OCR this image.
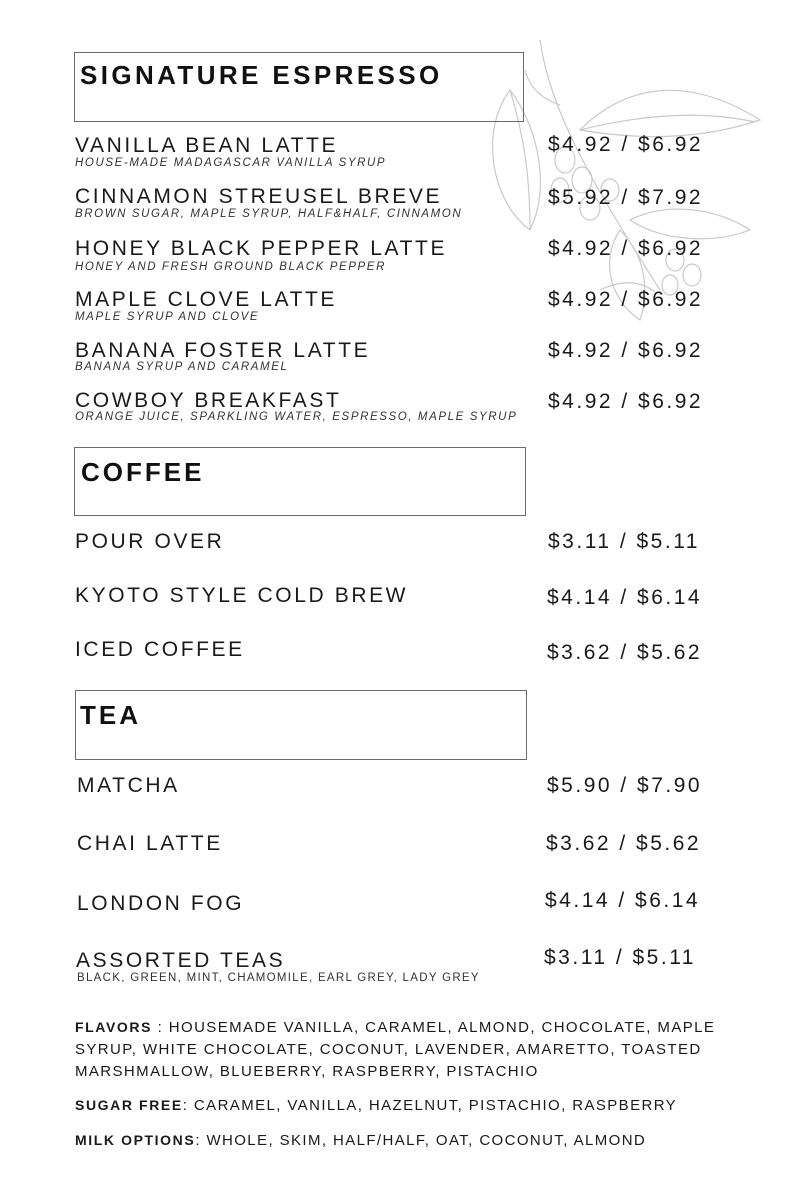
SIGNATURE ESPRESSO
VANILLA BEAN LATTE
HOUSE-MADE MADAGASCAR VANILLA SYRUP
$4.92 / $6.92
CINNAMON STREUSEL BREVE
BROWN SUGAR, MAPLE SYRUP, HALF&HALF, CINNAMON
$5.92 / $7.92
HONEY BLACK PEPPER LATTE
HONEY AND FRESH GROUND BLACK PEPPER
$4.92 / $6.92
MAPLE CLOVE LATTE
MAPLE SYRUP AND CLOVE
$4.92 / $6.92
BANANA FOSTER LATTE
BANANA SYRUP AND CARAMEL
$4.92 / $6.92
COWBOY BREAKFAST
ORANGE JUICE, SPARKLING WATER, ESPRESSO, MAPLE SYRUP
$4.92 / $6.92
COFFEE
POUR OVER	$3.11 / $5.11
KYOTO STYLE COLD BREW	$4.14 / $6.14
ICED COFFEE	$3.62 / $5.62
TEA
MATCHA	$5.90 / $7.90
CHAI LATTE	$3.62 / $5.62
LONDON FOG	$4.14 / $6.14
ASSORTED TEAS
BLACK, GREEN, MINT, CHAMOMILE, EARL GREY, LADY GREY
$3.11 / $5.11
FLAVORS : HOUSEMADE VANILLA, CARAMEL, ALMOND, CHOCOLATE, MAPLE SYRUP, WHITE CHOCOLATE, COCONUT, LAVENDER, AMARETTO, TOASTED MARSHMALLOW, BLUEBERRY, RASPBERRY, PISTACHIO
SUGAR FREE: CARAMEL, VANILLA, HAZELNUT, PISTACHIO, RASPBERRY
MILK OPTIONS: WHOLE, SKIM, HALF/HALF, OAT, COCONUT, ALMOND
